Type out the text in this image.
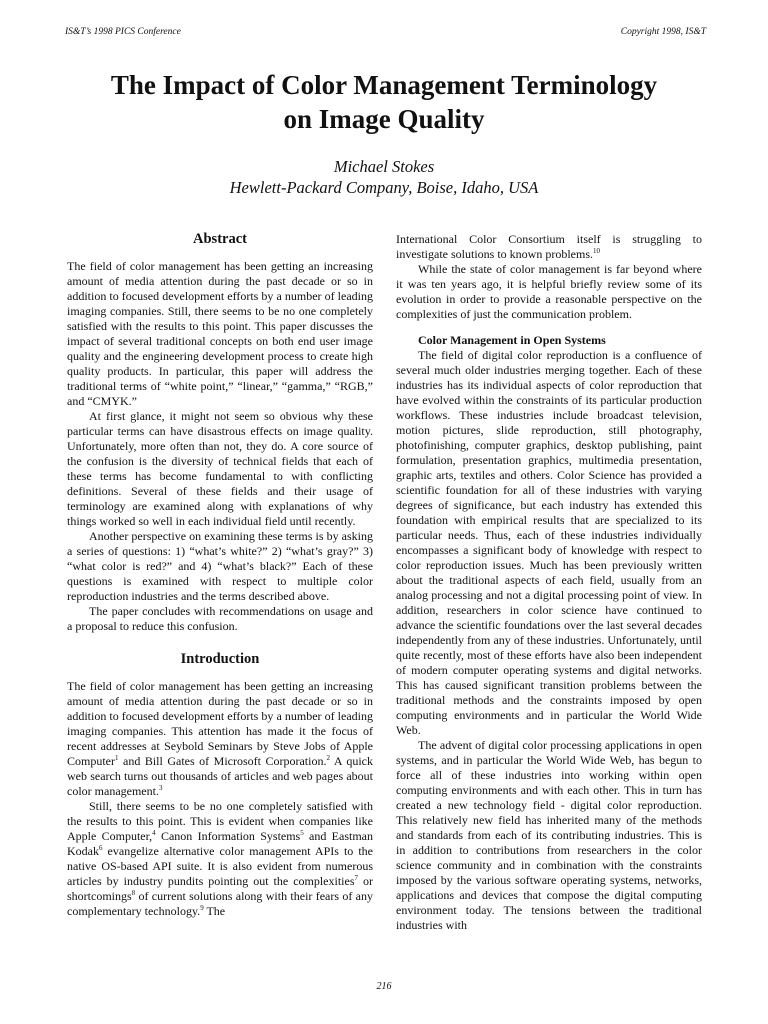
IS&T’s 1998 PICS Conference	Copyright 1998, IS&T
The Impact of Color Management Terminology
on Image Quality
Michael Stokes
Hewlett-Packard Company, Boise, Idaho, USA
Abstract

The field of color management has been getting an increasing amount of media attention during the past decade or so in addition to focused development efforts by a number of leading imaging companies. Still, there seems to be no one completely satisfied with the results to this point. This paper discusses the impact of several traditional concepts on both end user image quality and the engineering development process to create high quality products. In particular, this paper will address the traditional terms of “white point,” “linear,” “gamma,” “RGB,” and “CMYK.”

At first glance, it might not seem so obvious why these particular terms can have disastrous effects on image quality. Unfortunately, more often than not, they do. A core source of the confusion is the diversity of technical fields that each of these terms has become fundamental to with conflicting definitions. Several of these fields and their usage of terminology are examined along with explanations of why things worked so well in each individual field until recently.

Another perspective on examining these terms is by asking a series of questions: 1) “what’s white?” 2) “what’s gray?” 3) “what color is red?” and 4) “what’s black?” Each of these questions is examined with respect to multiple color reproduction industries and the terms described above.

The paper concludes with recommendations on usage and a proposal to reduce this confusion.

Introduction

The field of color management has been getting an increasing amount of media attention during the past decade or so in addition to focused development efforts by a number of leading imaging companies. This attention has made it the focus of recent addresses at Seybold Seminars by Steve Jobs of Apple Computer$^1$ and Bill Gates of Microsoft Corporation.$^2$ A quick web search turns out thousands of articles and web pages about color management.$^3$

Still, there seems to be no one completely satisfied with the results to this point. This is evident when companies like Apple Computer,$^4$ Canon Information Systems$^5$ and Eastman Kodak$^6$ evangelize alternative color management APIs to the native OS-based API suite. It is also evident from numerous articles by industry pundits pointing out the complexities$^7$ or shortcomings$^8$ of current solutions along with their fears of any complementary technology.$^9$ The

International Color Consortium itself is struggling to investigate solutions to known problems.$^{10}$

While the state of color management is far beyond where it was ten years ago, it is helpful briefly review some of its evolution in order to provide a reasonable perspective on the complexities of just the communication problem.

Color Management in Open Systems

The field of digital color reproduction is a confluence of several much older industries merging together. Each of these industries has its individual aspects of color reproduction that have evolved within the constraints of its particular production workflows. These industries include broadcast television, motion pictures, slide reproduction, still photography, photofinishing, computer graphics, desktop publishing, paint formulation, presentation graphics, multimedia presentation, graphic arts, textiles and others. Color Science has provided a scientific foundation for all of these industries with varying degrees of significance, but each industry has extended this foundation with empirical results that are specialized to its particular needs. Thus, each of these industries individually encompasses a significant body of knowledge with respect to color reproduction issues. Much has been previously written about the traditional aspects of each field, usually from an analog processing and not a digital processing point of view. In addition, researchers in color science have continued to advance the scientific foundations over the last several decades independently from any of these industries. Unfortunately, until quite recently, most of these efforts have also been independent of modern computer operating systems and digital networks. This has caused significant transition problems between the traditional methods and the constraints imposed by open computing environments and in particular the World Wide Web.

The advent of digital color processing applications in open systems, and in particular the World Wide Web, has begun to force all of these industries into working within open computing environments and with each other. This in turn has created a new technology field - digital color reproduction. This relatively new field has inherited many of the methods and standards from each of its contributing industries. This is in addition to contributions from researchers in the color science community and in combination with the constraints imposed by the various software operating systems, networks, applications and devices that compose the digital computing environment today. The tensions between the traditional industries with

216
